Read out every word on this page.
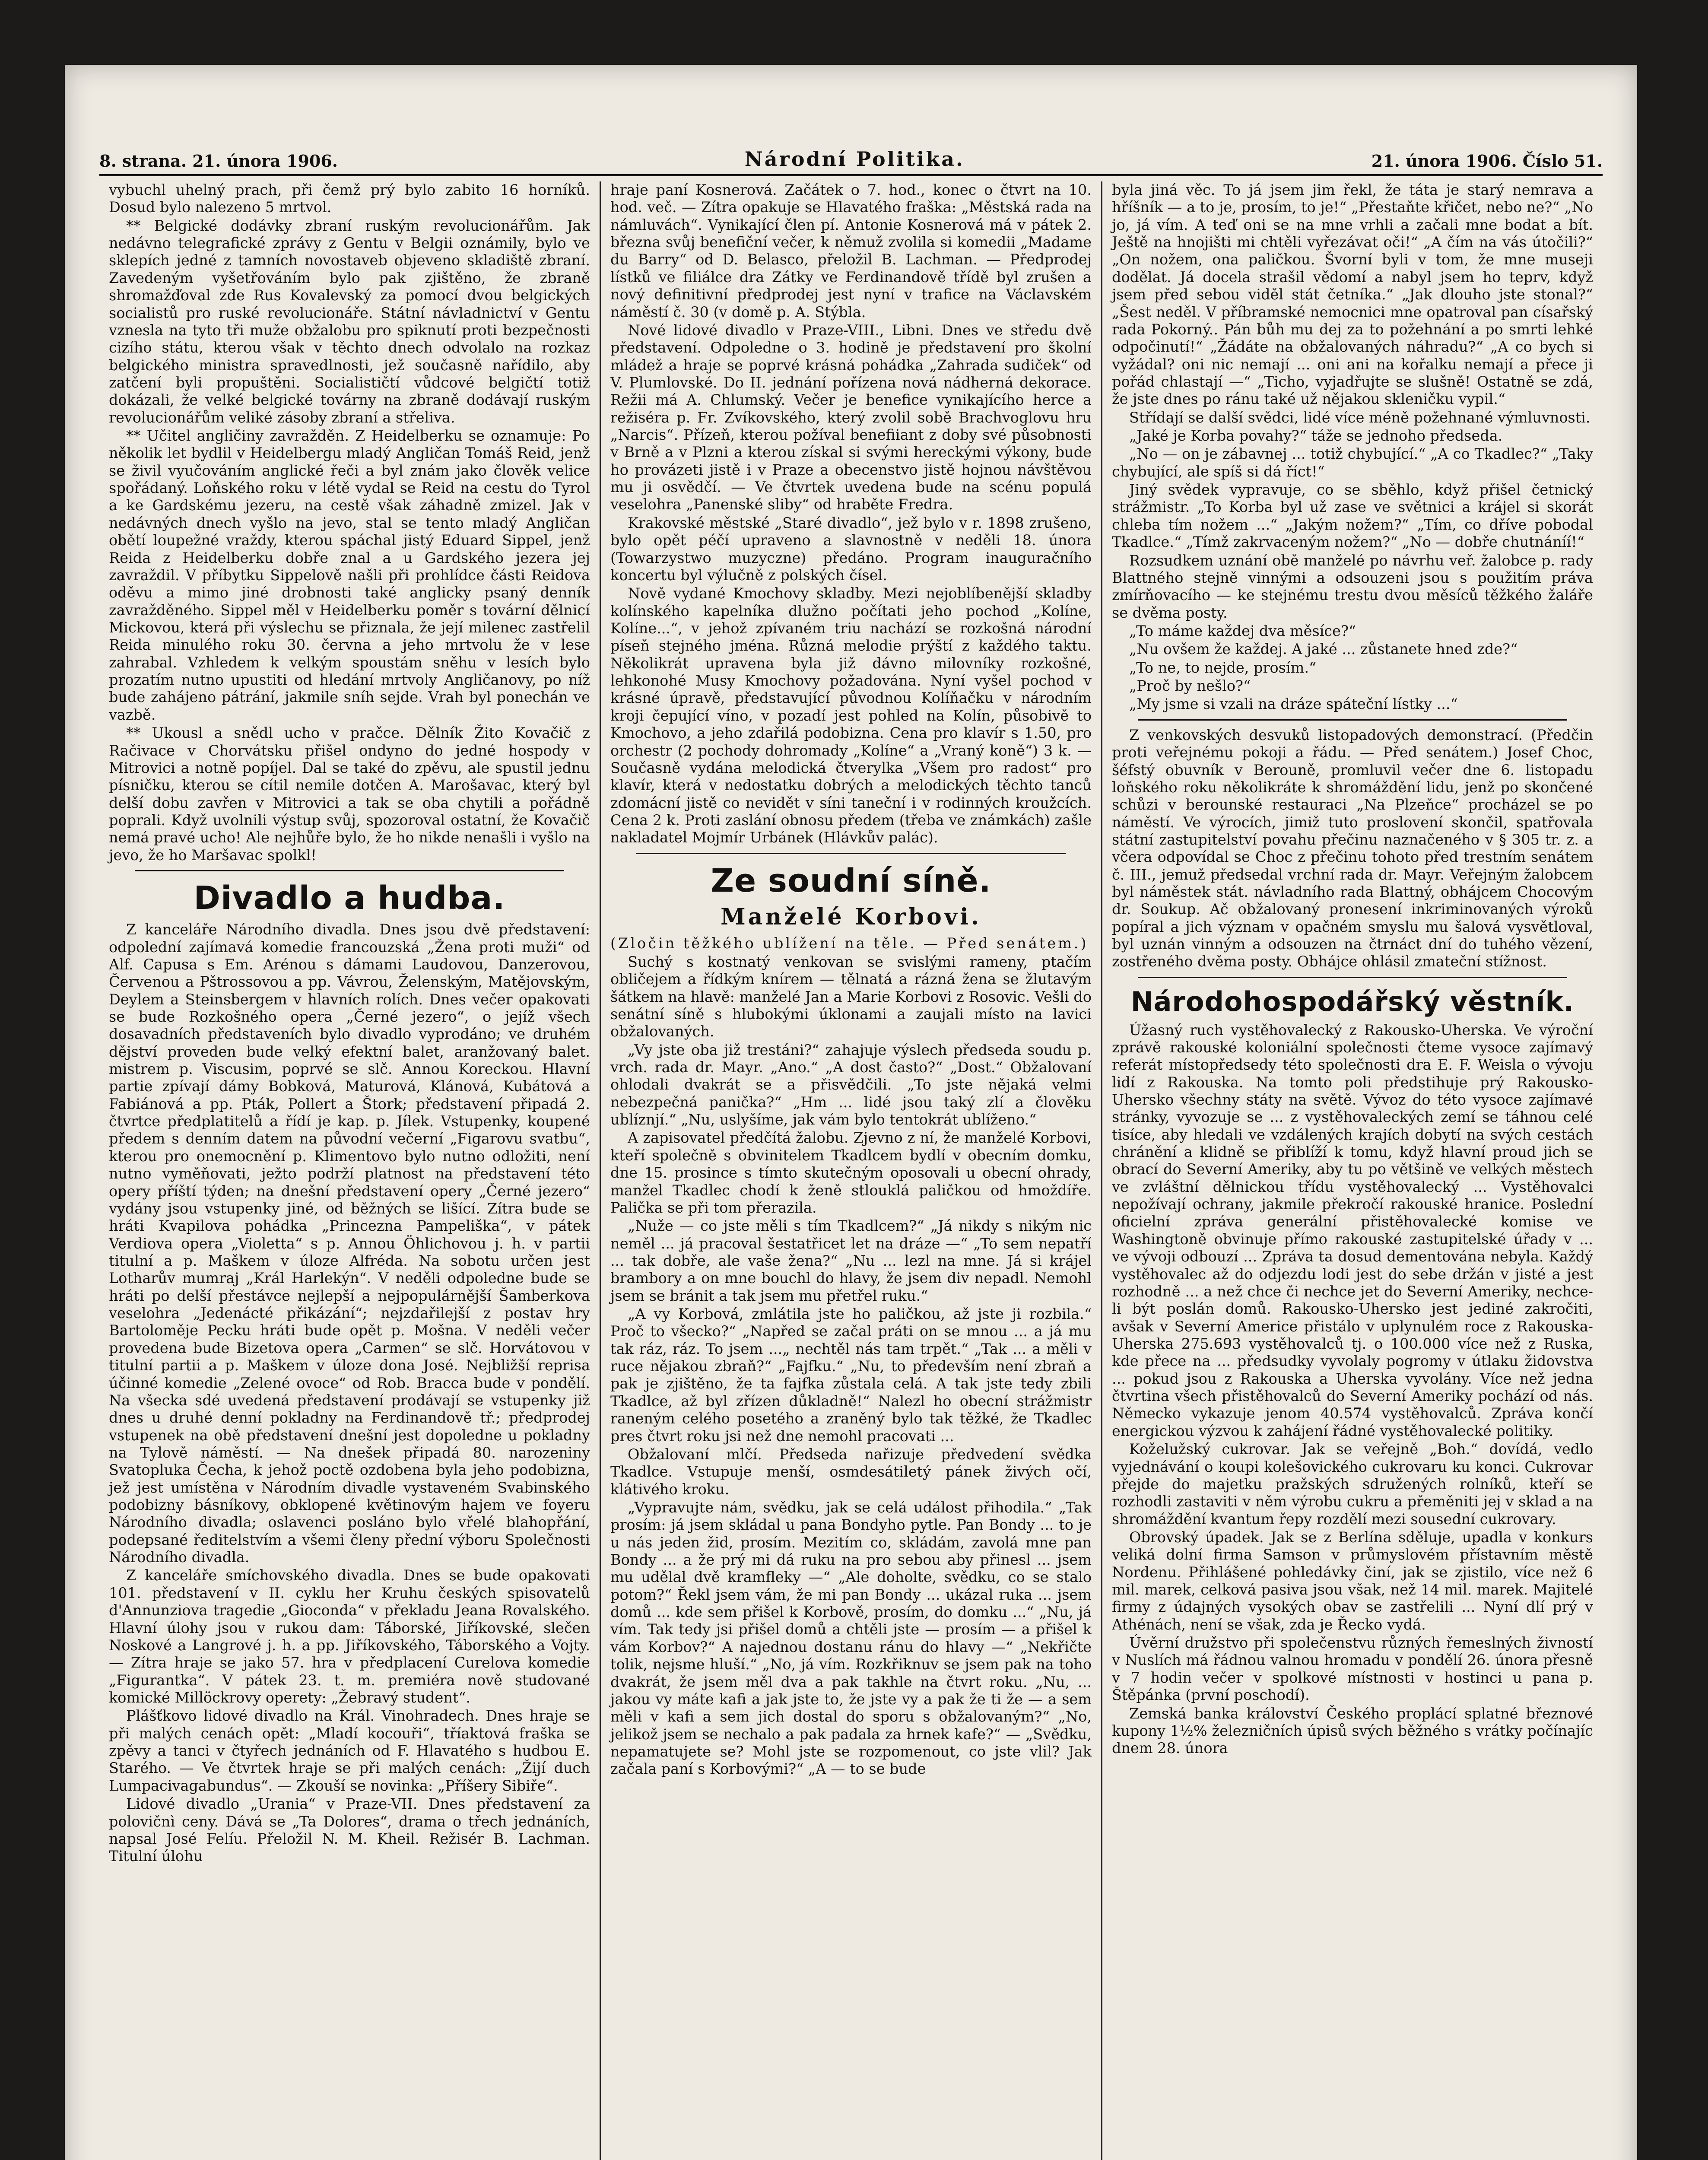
8. strana. 21. února 1906.	Národní Politika.	21. února 1906. Číslo 51.

vybuchl uhelný prach, při čemž prý bylo zabito 16 horníků. Dosud bylo nalezeno 5 mrtvol.

** Belgické dodávky zbraní ruským revolucionářům. Jak nedávno telegrafické zprávy z Gentu v Belgii oznámily, bylo ve sklepích jedné z tamních novostaveb objeveno skladiště zbraní. Zavedeným vyšetřováním bylo pak zjištěno, že zbraně shromažďoval zde Rus Kovalevský za pomocí dvou belgických socialistů pro ruské revolucionáře. Státní návladnictví v Gentu vznesla na tyto tři muže obžalobu pro spiknutí proti bezpečnosti cizího státu, kterou však v těchto dnech odvolalo na rozkaz belgického ministra spravedlnosti, jež současně nařídilo, aby zatčení byli propuštěni. Socialističtí vůdcové belgičtí totiž dokázali, že velké belgické továrny na zbraně dodávají ruským revolucionářům veliké zásoby zbraní a střeliva.

** Učitel angličiny zavražděn. Z Heidelberku se oznamuje: Po několik let bydlil v Heidelbergu mladý Angličan Tomáš Reid, jenž se živil vyučováním anglické řeči a byl znám jako člověk velice spořádaný. Loňského roku v létě vydal se Reid na cestu do Tyrol a ke Gardskému jezeru, na cestě však záhadně zmizel. Jak v nedávných dnech vyšlo na jevo, stal se tento mladý Angličan obětí loupežné vraždy, kterou spáchal jistý Eduard Sippel, jenž Reida z Heidelberku dobře znal a u Gardského jezera jej zavraždil. V příbytku Sippelově našli při prohlídce části Reidova oděvu a mimo jiné drobnosti také anglicky psaný denník zavražděného. Sippel měl v Heidelberku poměr s tovární dělnicí Mickovou, která při výslechu se přiznala, že její milenec zastřelil Reida minulého roku 30. června a jeho mrtvolu že v lese zahrabal. Vzhledem k velkým spoustám sněhu v lesích bylo prozatím nutno upustiti od hledání mrtvoly Angličanovy, po níž bude zahájeno pátrání, jakmile sníh sejde. Vrah byl ponechán ve vazbě.

** Ukousl a snědl ucho v pračce. Dělník Žito Kovačič z Račivace v Chorvátsku přišel ondyno do jedné hospody v Mitrovici a notně popíjel. Dal se také do zpěvu, ale spustil jednu písničku, kterou se cítil nemile dotčen A. Marošavac, který byl delší dobu zavřen v Mitrovici a tak se oba chytili a pořádně poprali. Když uvolnili výstup svůj, spozoroval ostatní, že Kovačič nemá pravé ucho! Ale nejhůře bylo, že ho nikde nenašli i vyšlo na jevo, že ho Maršavac spolkl!

Divadlo a hudba.

Z kanceláře Národního divadla. Dnes jsou dvě představení: odpolední zajímavá komedie francouzská „Žena proti muži“ od Alf. Capusa s Em. Arénou s dámami Laudovou, Danzerovou, Červenou a Pštrossovou a pp. Vávrou, Želenským, Matějovským, Deylem a Steinsbergem v hlavních rolích. Dnes večer opakovati se bude Rozkošného opera „Černé jezero“, o jejíž všech dosavadních představeních bylo divadlo vyprodáno; ve druhém dějství proveden bude velký efektní balet, aranžovaný balet. mistrem p. Viscusim, poprvé se slč. Annou Koreckou. Hlavní partie zpívají dámy Bobková, Maturová, Klánová, Kubátová a Fabiánová a pp. Pták, Pollert a Štork; představení připadá 2. čtvrtce předplatitelů a řídí je kap. p. Jílek. Vstupenky, koupené předem s denním datem na původní večerní „Figarovu svatbu“, kterou pro onemocnění p. Klimentovo bylo nutno odložiti, není nutno vyměňovati, ježto podrží platnost na představení této opery příští týden; na dnešní představení opery „Černé jezero“ vydány jsou vstupenky jiné, od běžných se lišící. Zítra bude se hráti Kvapilova pohádka „Princezna Pampeliška“, v pátek Verdiova opera „Violetta“ s p. Annou Öhlichovou j. h. v partii titulní a p. Maškem v úloze Alfréda. Na sobotu určen jest Lotharův mumraj „Král Harlekýn“. V neděli odpoledne bude se hráti po delší přestávce nejlepší a nejpopulárnější Šamberkova veselohra „Jedenácté přikázání“; nejzdařilejší z postav hry Bartoloměje Pecku hráti bude opět p. Mošna. V neděli večer provedena bude Bizetova opera „Carmen“ se slč. Horvátovou v titulní partii a p. Maškem v úloze dona José. Nejbližší reprisa účinné komedie „Zelené ovoce“ od Rob. Bracca bude v pondělí. Na všecka sdé uvedená představení prodávají se vstupenky již dnes u druhé denní pokladny na Ferdinandově tř.; předprodej vstupenek na obě představení dnešní jest dopoledne u pokladny na Tylově náměstí. — Na dnešek připadá 80. narozeniny Svatopluka Čecha, k jehož poctě ozdobena byla jeho podobizna, jež jest umístěna v Národním divadle vystaveném Svabinského podobizny básníkovy, obklopené květinovým hajem ve foyeru Národního divadla; oslavenci posláno bylo vřelé blahopřání, podepsané ředitelstvím a všemi členy přední výboru Společnosti Národního divadla.

Z kanceláře smíchovského divadla. Dnes se bude opakovati 101. představení v II. cyklu her Kruhu českých spisovatelů d'Annunziova tragedie „Gioconda“ v překladu Jeana Rovalského. Hlavní úlohy jsou v rukou dam: Táborské, Jiříkovské, slečen Noskové a Langrové j. h. a pp. Jiříkovského, Táborského a Vojty. — Zítra hraje se jako 57. hra v předplacení Curelova komedie „Figurantka“. V pátek 23. t. m. premiéra nově studované komické Millöckrovy operety: „Žebravý student“.

Plášťkovo lidové divadlo na Král. Vinohradech. Dnes hraje se při malých cenách opět: „Mladí kocouři“, tříaktová fraška se zpěvy a tanci v čtyřech jednáních od F. Hlavatého s hudbou E. Starého. — Ve čtvrtek hraje se při malých cenách: „Žijí duch Lumpacivagabundus“. — Zkouší se novinka: „Příšery Sibiře“.

Lidové divadlo „Urania“ v Praze-VII. Dnes představení za polovičnì ceny. Dává se „Ta Dolores“, drama o třech jednáních, napsal José Felíu. Přeložil N. M. Kheil. Režisér B. Lachman. Titulní úlohu

hraje paní Kosnerová. Začátek o 7. hod., konec o čtvrt na 10. hod. več. — Zítra opakuje se Hlavatého fraška: „Městská rada na námluvách“. Vynikající člen pí. Antonie Kosnerová má v pátek 2. března svůj benefiční večer, k němuž zvolila si komedii „Madame du Barry“ od D. Belasco, přeložil B. Lachman. — Předprodej lístků ve filiálce dra Zátky ve Ferdinandově třídě byl zrušen a nový definitivní předprodej jest nyní v trafice na Václavském náměstí č. 30 (v domě p. A. Stýbla.

Nové lidové divadlo v Praze-VIII., Libni. Dnes ve středu dvě představení. Odpoledne o 3. hodině je představení pro školní mládež a hraje se poprvé krásná pohádka „Zahrada sudiček“ od V. Plumlovské. Do II. jednání pořízena nová nádherná dekorace. Režii má A. Chlumský. Večer je benefice vynikajícího herce a režiséra p. Fr. Zvíkovského, který zvolil sobě Brachvoglovu hru „Narcis“. Přízeň, kterou požíval benefiiant z doby své působnosti v Brně a v Plzni a kterou získal si svými hereckými výkony, bude ho provázeti jistě i v Praze a obecenstvo jistě hojnou návštěvou mu ji osvědčí. — Ve čtvrtek uvedena bude na scénu populá veselohra „Panenské sliby“ od hraběte Fredra.

Krakovské městské „Staré divadlo“, jež bylo v r. 1898 zrušeno, bylo opět péčí upraveno a slavnostně v neděli 18. února (Towarzystwo muzyczne) předáno. Program inauguračního koncertu byl výlučně z polských čísel.

Nově vydané Kmochovy skladby. Mezi nejoblíbenější skladby kolínského kapelníka dlužno počítati jeho pochod „Kolíne, Kolíne...“, v jehož zpívaném triu nachází se rozkošná národní píseň stejného jména. Různá melodie prýští z každého taktu. Několikrát upravena byla již dávno milovníky rozkošné, lehkonohé Musy Kmochovy požadována. Nyní vyšel pochod v krásné úpravě, představující původnou Kolíňačku v národním kroji čepující víno, v pozadí jest pohled na Kolín, působivě to Kmochovo, a jeho zdařilá podobizna. Cena pro klavír s 1.50, pro orchestr (2 pochody dohromady „Kolíne“ a „Vraný koně“) 3 k. — Současně vydána melodická čtverylka „Všem pro radost“ pro klavír, která v nedostatku dobrých a melodických těchto tanců zdomácní jistě co nevidět v síni taneční i v rodinných kroužcích. Cena 2 k. Proti zaslání obnosu předem (třeba ve známkách) zašle nakladatel Mojmír Urbánek (Hlávkův palác).

Ze soudní síně.
Manželé Korbovi.

(Zločin těžkého ublížení na těle. — Před senátem.)

Suchý s kostnatý venkovan se svislými rameny, ptačím obličejem a řídkým knírem — tělnatá a rázná žena se žlutavým šátkem na hlavě: manželé Jan a Marie Korbovi z Rosovic. Vešli do senátní síně s hlubokými úklonami a zaujali místo na lavici obžalovaných.

„Vy jste oba již trestáni?“ zahajuje výslech předseda soudu p. vrch. rada dr. Mayr. „Ano.“ „A dost často?“ „Dost.“ Obžalovaní ohlodali dvakrát se a přisvědčili. „To jste nějaká velmi nebezpečná panička?“ „Hm ... lidé jsou taký zlí a člověku ublíznjí.“ „Nu, uslyšíme, jak vám bylo tentokrát ublíženo.“

A zapisovatel předčítá žalobu. Zjevno z ní, že manželé Korbovi, kteří společně s obvinitelem Tkadlcem bydlí v obecním domku, dne 15. prosince s tímto skutečným oposovali u obecní ohrady, manžel Tkadlec chodí k ženě stlouklá paličkou od hmoždíře. Palička se při tom přerazila.

„Nuže — co jste měli s tím Tkadlcem?“ „Já nikdy s nikým nic neměl ... já pracoval šestatřicet let na dráze —“ „To sem nepatří ... tak dobře, ale vaše žena?“ „Nu ... lezl na mne. Já si krájel brambory a on mne bouchl do hlavy, že jsem div nepadl. Nemohl jsem se bránit a tak jsem mu přetřel ruku.“

„A vy Korbová, zmlátila jste ho paličkou, až jste ji rozbila.“ Proč to všecko?“ „Napřed se začal práti on se mnou ... a já mu tak ráz, ráz. To jsem ...„ nechtěl nás tam trpět.“ „Tak ... a měli v ruce nějakou zbraň?“ „Fajfku.“ „Nu, to především není zbraň a pak je zjištěno, že ta fajfka zůstala celá. A tak jste tedy zbili Tkadlce, až byl zřízen důkladně!“ Nalezl ho obecní strážmistr raneným celého posetého a zraněný bylo tak těžké, že Tkadlec pres čtvrt roku jsi než dne nemohl pracovati ...

Obžalovaní mlčí. Předseda nařizuje předvedení svědka Tkadlce. Vstupuje menší, osmdesátiletý pánek živých očí, klátivého kroku.

„Vypravujte nám, svědku, jak se celá událost přihodila.“ „Tak prosím: já jsem skládal u pana Bondyho pytle. Pan Bondy ... to je u nás jeden žid, prosím. Mezitím co, skládám, zavolá mne pan Bondy ... a že prý mi dá ruku na pro sebou aby přinesl ... jsem mu udělal dvě kramfleky —“ „Ale doholte, svědku, co se stalo potom?“ Řekl jsem vám, že mi pan Bondy ... ukázal ruka ... jsem domů ... kde sem přišel k Korbově, prosím, do domku ...“ „Nu, já vím. Tak tedy jsi přišel domů a chtěli jste — prosím — a přišel k vám Korbov?“ A najednou dostanu ránu do hlavy —“ „Nekřičte tolik, nejsme hluší.“ „No, já vím. Rozkřiknuv se jsem pak na toho dvakrát, že jsem měl dva a pak takhle na čtvrt roku. „Nu, ... jakou vy máte kafi a jak jste to, že jste vy a pak že ti že — a sem měli v kafi a sem jich dostal do sporu s obžalovaným?“ „No, jelikož jsem se nechalo a pak padala za hrnek kafe?“ — „Svědku, nepamatujete se? Mohl jste se rozpomenout, co jste vlil? Jak začala paní s Korbovými?“ „A — to se bude

byla jiná věc. To já jsem jim řekl, že táta je starý nemrava a hříšník — a to je, prosím, to je!“ „Přestaňte křičet, nebo ne?“ „No jo, já vím. A teď oni se na mne vrhli a začali mne bodat a bít. Ještě na hnojišti mi chtěli vyřezávat oči!“ „A čím na vás útočili?“ „On nožem, ona paličkou. Švorní byli v tom, že mne museji dodělat. Já docela strašil vědomí a nabyl jsem ho teprv, když jsem před sebou viděl stát četníka.“ „Jak dlouho jste stonal?“ „Šest neděl. V příbramské nemocnici mne opatroval pan císařský rada Pokorný.. Pán bůh mu dej za to požehnání a po smrti lehké odpočinutí!“ „Žádáte na obžalovaných náhradu?“ „A co bych si vyžádal? oni nic nemají ... oni ani na kořalku nemají a přece ji pořád chlastají —“ „Ticho, vyjadřujte se slušně! Ostatně se zdá, že jste dnes po ránu také už nějakou skleničku vypil.“

Střídají se další svědci, lidé více méně požehnané výmluvnosti.

„Jaké je Korba povahy?“ táže se jednoho předseda.

„No — on je zábavnej ... totiž chybující.“ „A co Tkadlec?“ „Taky chybující, ale spíš si dá říct!“

Jiný svědek vypravuje, co se sběhlo, když přišel četnický strážmistr. „To Korba byl už zase ve světnici a krájel si skorát chleba tím nožem ...“ „Jakým nožem?“ „Tím, co dříve pobodal Tkadlce.“ „Tímž zakrvaceným nožem?“ „No — dobře chutnáníí!“

Rozsudkem uznání obě manželé po návrhu veř. žalobce p. rady Blattného stejně vinnými a odsouzeni jsou s použitím práva zmírňovacího — ke stejnému trestu dvou měsíců těžkého žaláře se dvěma posty.

„To máme každej dva měsíce?“

„Nu ovšem že každej. A jaké ... zůstanete hned zde?“

„To ne, to nejde, prosím.“

„Proč by nešlo?“

„My jsme si vzali na dráze spáteční lístky ...“

Z venkovských desvuků listopadových demonstrací. (Předčin proti veřejnému pokoji a řádu. — Před senátem.) Josef Choc, šéfstý obuvník v Berouně, promluvil večer dne 6. listopadu loňského roku několikráte k shromáždění lidu, jenž po skončené schůzi v berounské restauraci „Na Plzeňce“ procházel se po náměstí. Ve výrocích, jimiž tuto proslovení skončil, spatřovala státní zastupitelství povahu přečinu naznačeného v § 305 tr. z. a včera odpovídal se Choc z přečinu tohoto před trestním senátem č. III., jemuž předsedal vrchní rada dr. Mayr. Veřejným žalobcem byl náměstek stát. návladního rada Blattný, obhájcem Chocovým dr. Soukup. Ač obžalovaný pronesení inkriminovaných výroků popíral a jich význam v opačném smyslu mu šalová vysvětloval, byl uznán vinným a odsouzen na čtrnáct dní do tuhého vězení, zostřeného dvěma posty. Obhájce ohlásil zmateční stížnost.

Národohospodářský věstník.

Úžasný ruch vystěhovalecký z Rakousko-Uherska. Ve výroční zprávě rakouské koloniální společnosti čteme vysoce zajímavý referát místopředsedy této společnosti dra E. F. Weisla o vývoju lidí z Rakouska. Na tomto poli předstihuje prý Rakousko-Uhersko všechny státy na světě. Vývoz do této vysoce zajímavé stránky, vyvozuje se ... z vystěhovaleckých zemí se táhnou celé tisíce, aby hledali ve vzdálených krajích dobytí na svých cestách chránění a klidně se přiblíží k tomu, když hlavní proud jich se obrací do Severní Ameriky, aby tu po většině ve velkých městech ve zvláštní dělnickou třídu vystěhovalecký ... Vystěhovalci nepožívají ochrany, jakmile překročí rakouské hranice. Poslední oficielní zpráva generální přistěhovalecké komise ve Washingtoně obvinuje přímo rakouské zastupitelské úřady v ... ve vývoji odbouzí ... Zpráva ta dosud dementována nebyla. Každý vystěhovalec až do odjezdu lodi jest do sebe držán v jisté a jest rozhodně ... a než chce či nechce jet do Severní Ameriky, nechce-li být poslán domů. Rakousko-Uhersko jest jediné zakročiti, avšak v Severní Americe přistálo v uplynulém roce z Rakouska-Uherska 275.693 vystěhovalců tj. o 100.000 více než z Ruska, kde přece na ... předsudky vyvolaly pogromy v útlaku židovstva ... pokud jsou z Rakouska a Uherska vyvolány. Více než jedna čtvrtina všech přistěhovalců do Severní Ameriky pochází od nás. Německo vykazuje jenom 40.574 vystěhovalců. Zpráva končí energickou výzvou k zahájení řádné vystěhovalecké politiky.

Koželužský cukrovar. Jak se veřejně „Boh.“ dovídá, vedlo vyjednávání o koupi kolešovického cukrovaru ku konci. Cukrovar přejde do majetku pražských sdružených rolníků, kteří se rozhodli zastaviti v něm výrobu cukru a přeměniti jej v sklad a na shromáždění kvantum řepy rozdělí mezi sousední cukrovary.

Obrovský úpadek. Jak se z Berlína sděluje, upadla v konkurs veliká dolní firma Samson v průmyslovém přístavním městě Nordenu. Přihlášené pohledávky činí, jak se zjistilo, více než 6 mil. marek, celková pasiva jsou však, než 14 mil. marek. Majitelé firmy z údajných vysokých obav se zastřelili ... Nyní dlí prý v Athénách, není se však, zda je Řecko vydá.

Úvěrní družstvo při společenstvu různých řemeslných živností v Nuslích má řádnou valnou hromadu v pondělí 26. února přesně v 7 hodin večer v spolkové místnosti v hostinci u pana p. Štěpánka (první poschodí).

Zemská banka království Českého proplácí splatné březnové kupony 1½% železničních úpisů svých běžného s vrátky počínajíc dnem 28. února
